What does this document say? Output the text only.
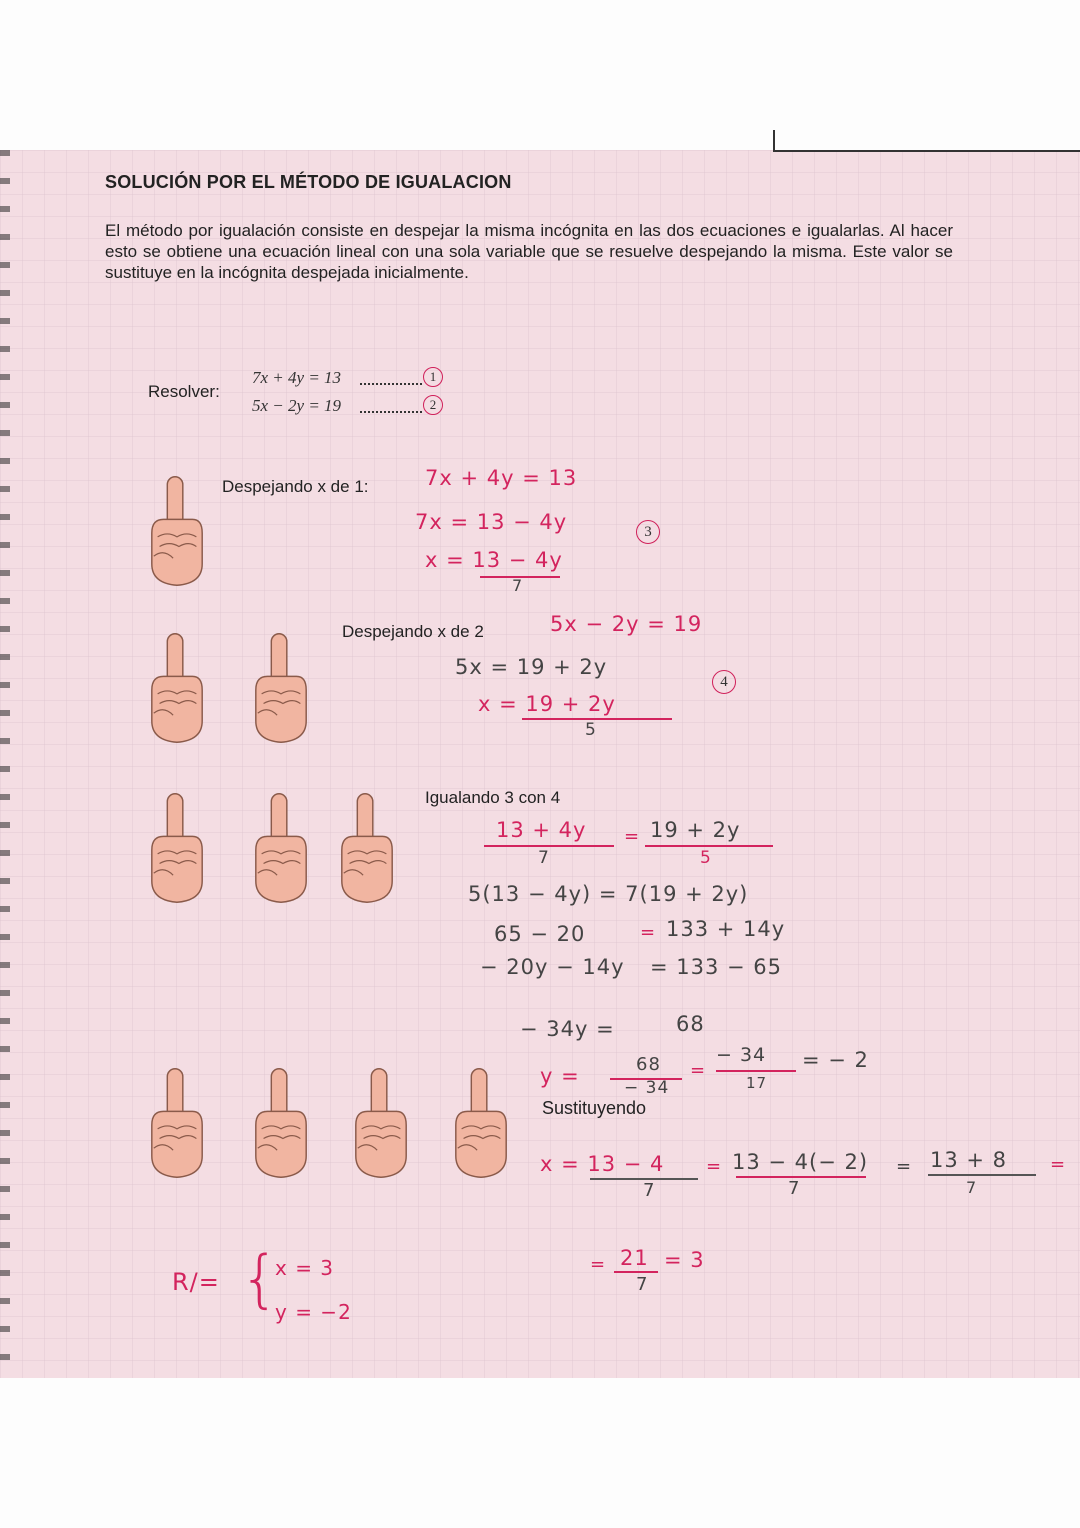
SOLUCIÓN POR EL MÉTODO DE IGUALACION
El método por igualación consiste en despejar la misma incógnita en las dos ecuaciones e igualarlas. Al hacer esto se obtiene una ecuación lineal con una sola variable que se resuelve despejando la misma. Este valor se sustituye en la incógnita despejada inicialmente.
Resolver:
7x + 4y = 13	1
5x − 2y = 19	2
Despejando x de 1:	7x + 4y = 13
7x = 13 − 4y
x = 13 − 4y
7
3
Despejando x de 2	5x − 2y = 19
5x = 19 + 2y
x = 19 + 2y
5
4
Igualando 3 con 4
13 + 4y
7
= 19 + 2y
5
5(13 − 4y) = 7(19 + 2y)
65 − 20	= 133 + 14y
− 20y − 14y = 133 − 65
− 34y =	68
y =	68
− 34
=
− 34
17
= − 2
Sustituyendo
x = 13 − 4
7
= 13 − 4(− 2)
7
= 13 + 8
7
=
= 21
7
= 3
R/= {
x = 3
y = −2
